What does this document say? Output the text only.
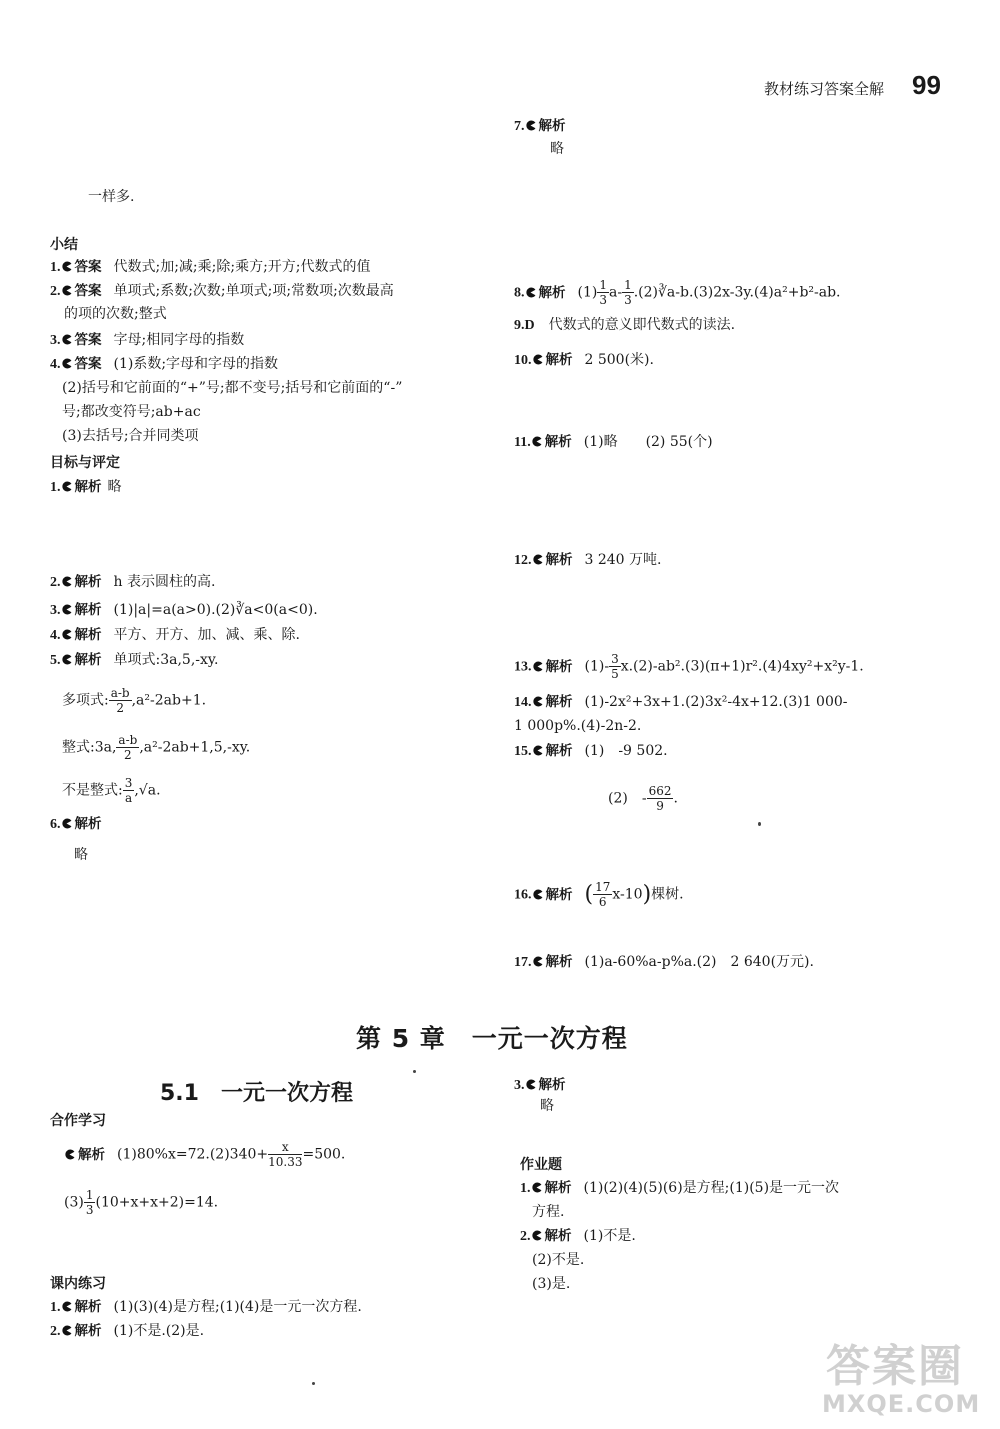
教材练习答案全解 99
一样多.
小结
1. 答案 代数式;加;减;乘;除;乘方;开方;代数式的值
2. 答案 单项式;系数;次数;单项式;项;常数项;次数最高
的项的次数;整式
3. 答案 字母;相同字母的指数
4. 答案 (1)系数;字母和字母的指数
(2)括号和它前面的“+”号;都不变号;括号和它前面的“-”
号;都改变符号;ab+ac
(3)去括号;合并同类项
目标与评定
1. 解析 略
2. 解析 h 表示圆柱的高.
3. 解析 (1)|a|=a(a>0).(2)∛a<0(a<0).
4. 解析 平方、开方、加、减、乘、除.
5. 解析 单项式:3a,5,-xy.
多项式: $\frac{a-b}{2} ,a^2-2ab+1$.
整式:3a, $\frac{a-b}{2} ,a^2-2ab+1,5,-xy$.
不是整式: $\frac{3}{a} ,√a$.
6. 解析
略
第 5 章　一元一次方程
5.1　一元一次方程
合作学习
解析 $(1)80\%x=72.(2)340+ \frac{x}{10.33} =500$.
$(3) \frac{1}{3} (10+x+x+2)=14$.
课内练习
1. 解析 (1)(3)(4)是方程;(1)(4)是一元一次方程.
2. 解析 (1)不是.(2)是.
7. 解析
略
8. 解析 $(1) \frac{1}{3} a- \frac{1}{3}$ .(2)∛a-b.(3)2x-3y.(4)a²+b²-ab.
9.D 代数式的意义即代数式的读法.
10. 解析 2 500(米).
11. 解析 (1)略　　(2) 55(个)
12. 解析 3 240 万吨.
13. 解析 $(1)- \frac{3}{5} x.(2)-ab^2.(3)(\pi+1)r^2.(4)4xy^2+x^2y-1$.
14. 解析 (1)-2x²+3x+1.(2)3x²-4x+12.(3)1 000-
1 000p%.(4)-2n-2.
15. 解析 (1)　-9 502.
(2)　- $\frac{662}{9}$ .
16. 解析 ( $\frac{17}{6} x-10$)棵树.
17. 解析 (1)a-60%a-p%a.(2)　2 640(万元).
3. 解析
略
作业题
1. 解析 (1)(2)(4)(5)(6)是方程;(1)(5)是一元一次
方程.
2. 解析 (1)不是.
(2)不是.
(3)是.
答案圈
MXQE.COM
